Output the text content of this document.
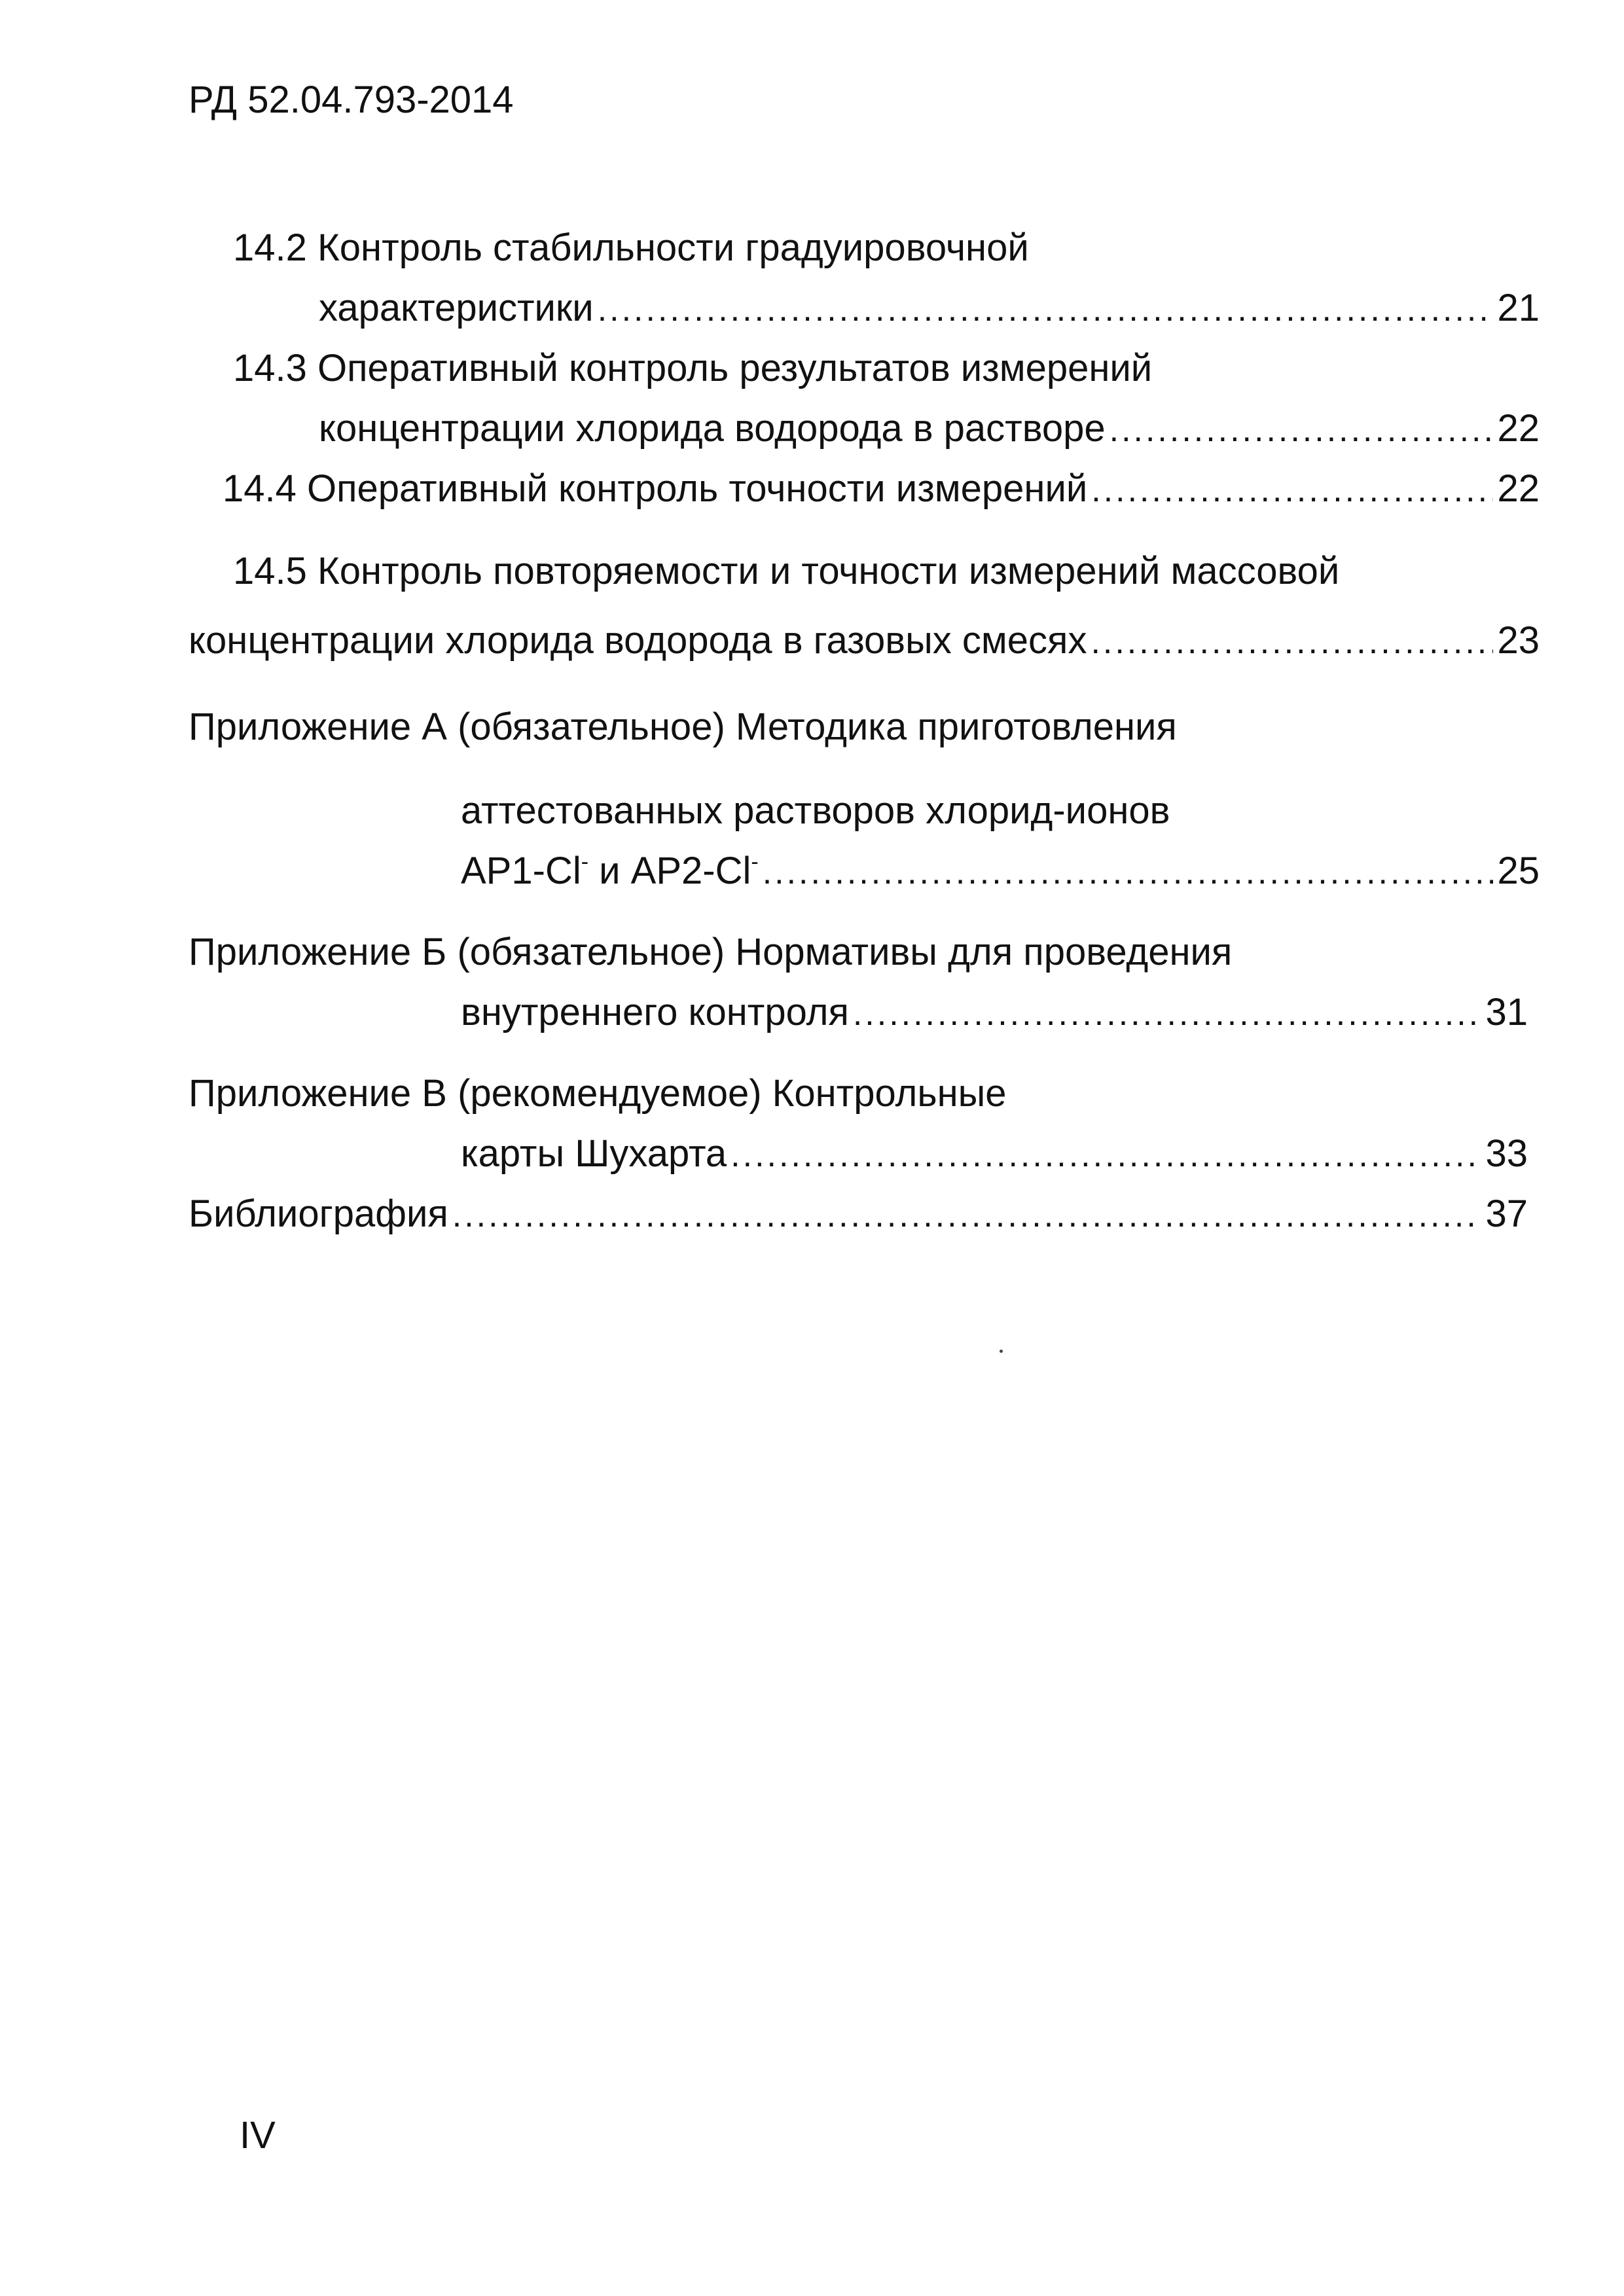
РД 52.04.793-2014
14.2 Контроль стабильности градуировочной
характеристики .....	21
14.3 Оперативный контроль результатов измерений
концентрации хлорида водорода в растворе .....	22
14.4 Оперативный контроль точности измерений .....	22
14.5 Контроль повторяемости и точности измерений массовой
концентрации хлорида водорода в газовых смесях .....	23
Приложение А (обязательное) Методика приготовления
аттестованных растворов хлорид-ионов
АР1-Cl- и АР2-Cl- .....	25
Приложение Б (обязательное) Нормативы для проведения
внутреннего контроля .....	31
Приложение В (рекомендуемое) Контрольные
карты Шухарта .....	33
Библиография .....	37
IV
